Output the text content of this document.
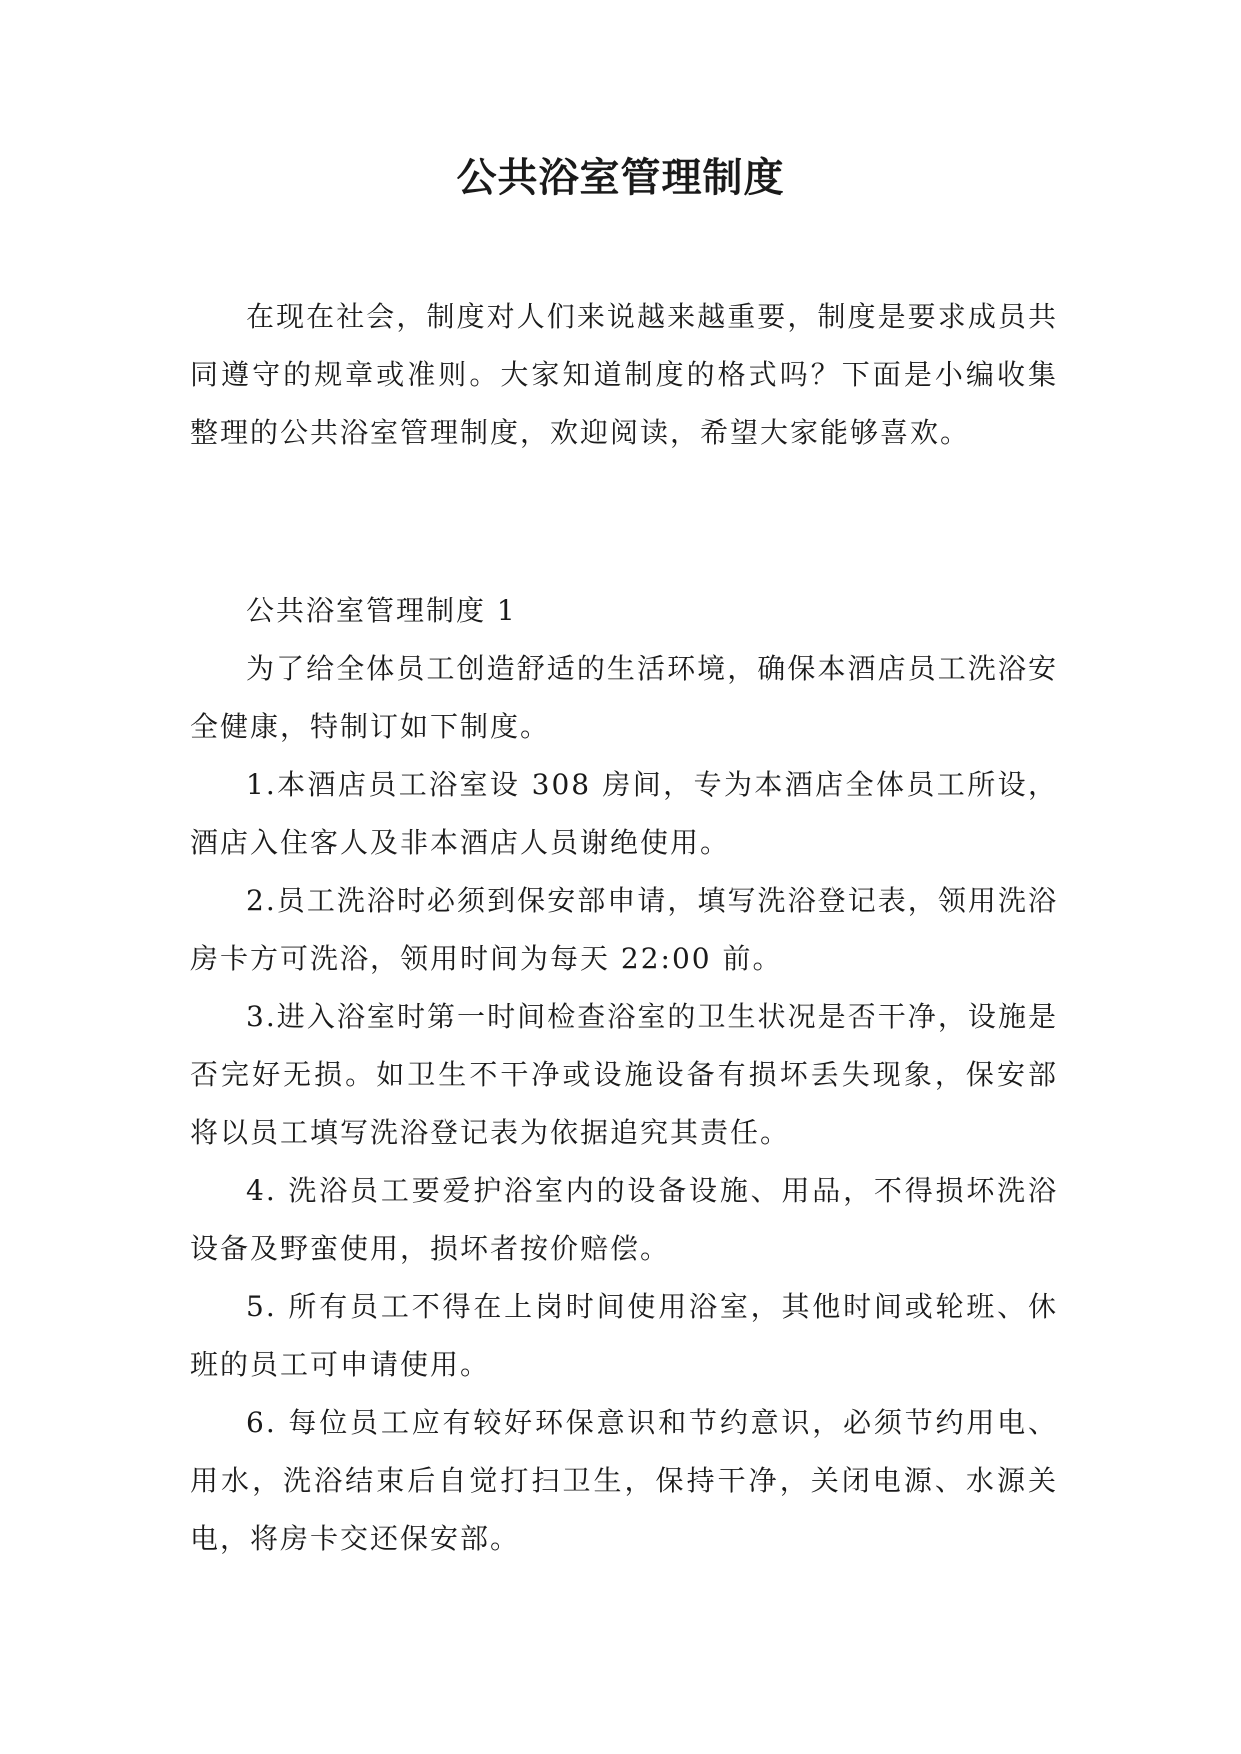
公共浴室管理制度

在现在社会，制度对人们来说越来越重要，制度是要求成员共同遵守的规章或准则。大家知道制度的格式吗？下面是小编收集整理的公共浴室管理制度，欢迎阅读，希望大家能够喜欢。

公共浴室管理制度 1

为了给全体员工创造舒适的生活环境，确保本酒店员工洗浴安全健康，特制订如下制度。

1.本酒店员工浴室设 308 房间，专为本酒店全体员工所设，酒店入住客人及非本酒店人员谢绝使用。

2.员工洗浴时必须到保安部申请，填写洗浴登记表，领用洗浴房卡方可洗浴，领用时间为每天 22:00 前。

3.进入浴室时第一时间检查浴室的卫生状况是否干净，设施是否完好无损。如卫生不干净或设施设备有损坏丢失现象，保安部将以员工填写洗浴登记表为依据追究其责任。

4. 洗浴员工要爱护浴室内的设备设施、用品，不得损坏洗浴设备及野蛮使用，损坏者按价赔偿。

5. 所有员工不得在上岗时间使用浴室，其他时间或轮班、休班的员工可申请使用。

6. 每位员工应有较好环保意识和节约意识，必须节约用电、用水，洗浴结束后自觉打扫卫生，保持干净，关闭电源、水源关电，将房卡交还保安部。
